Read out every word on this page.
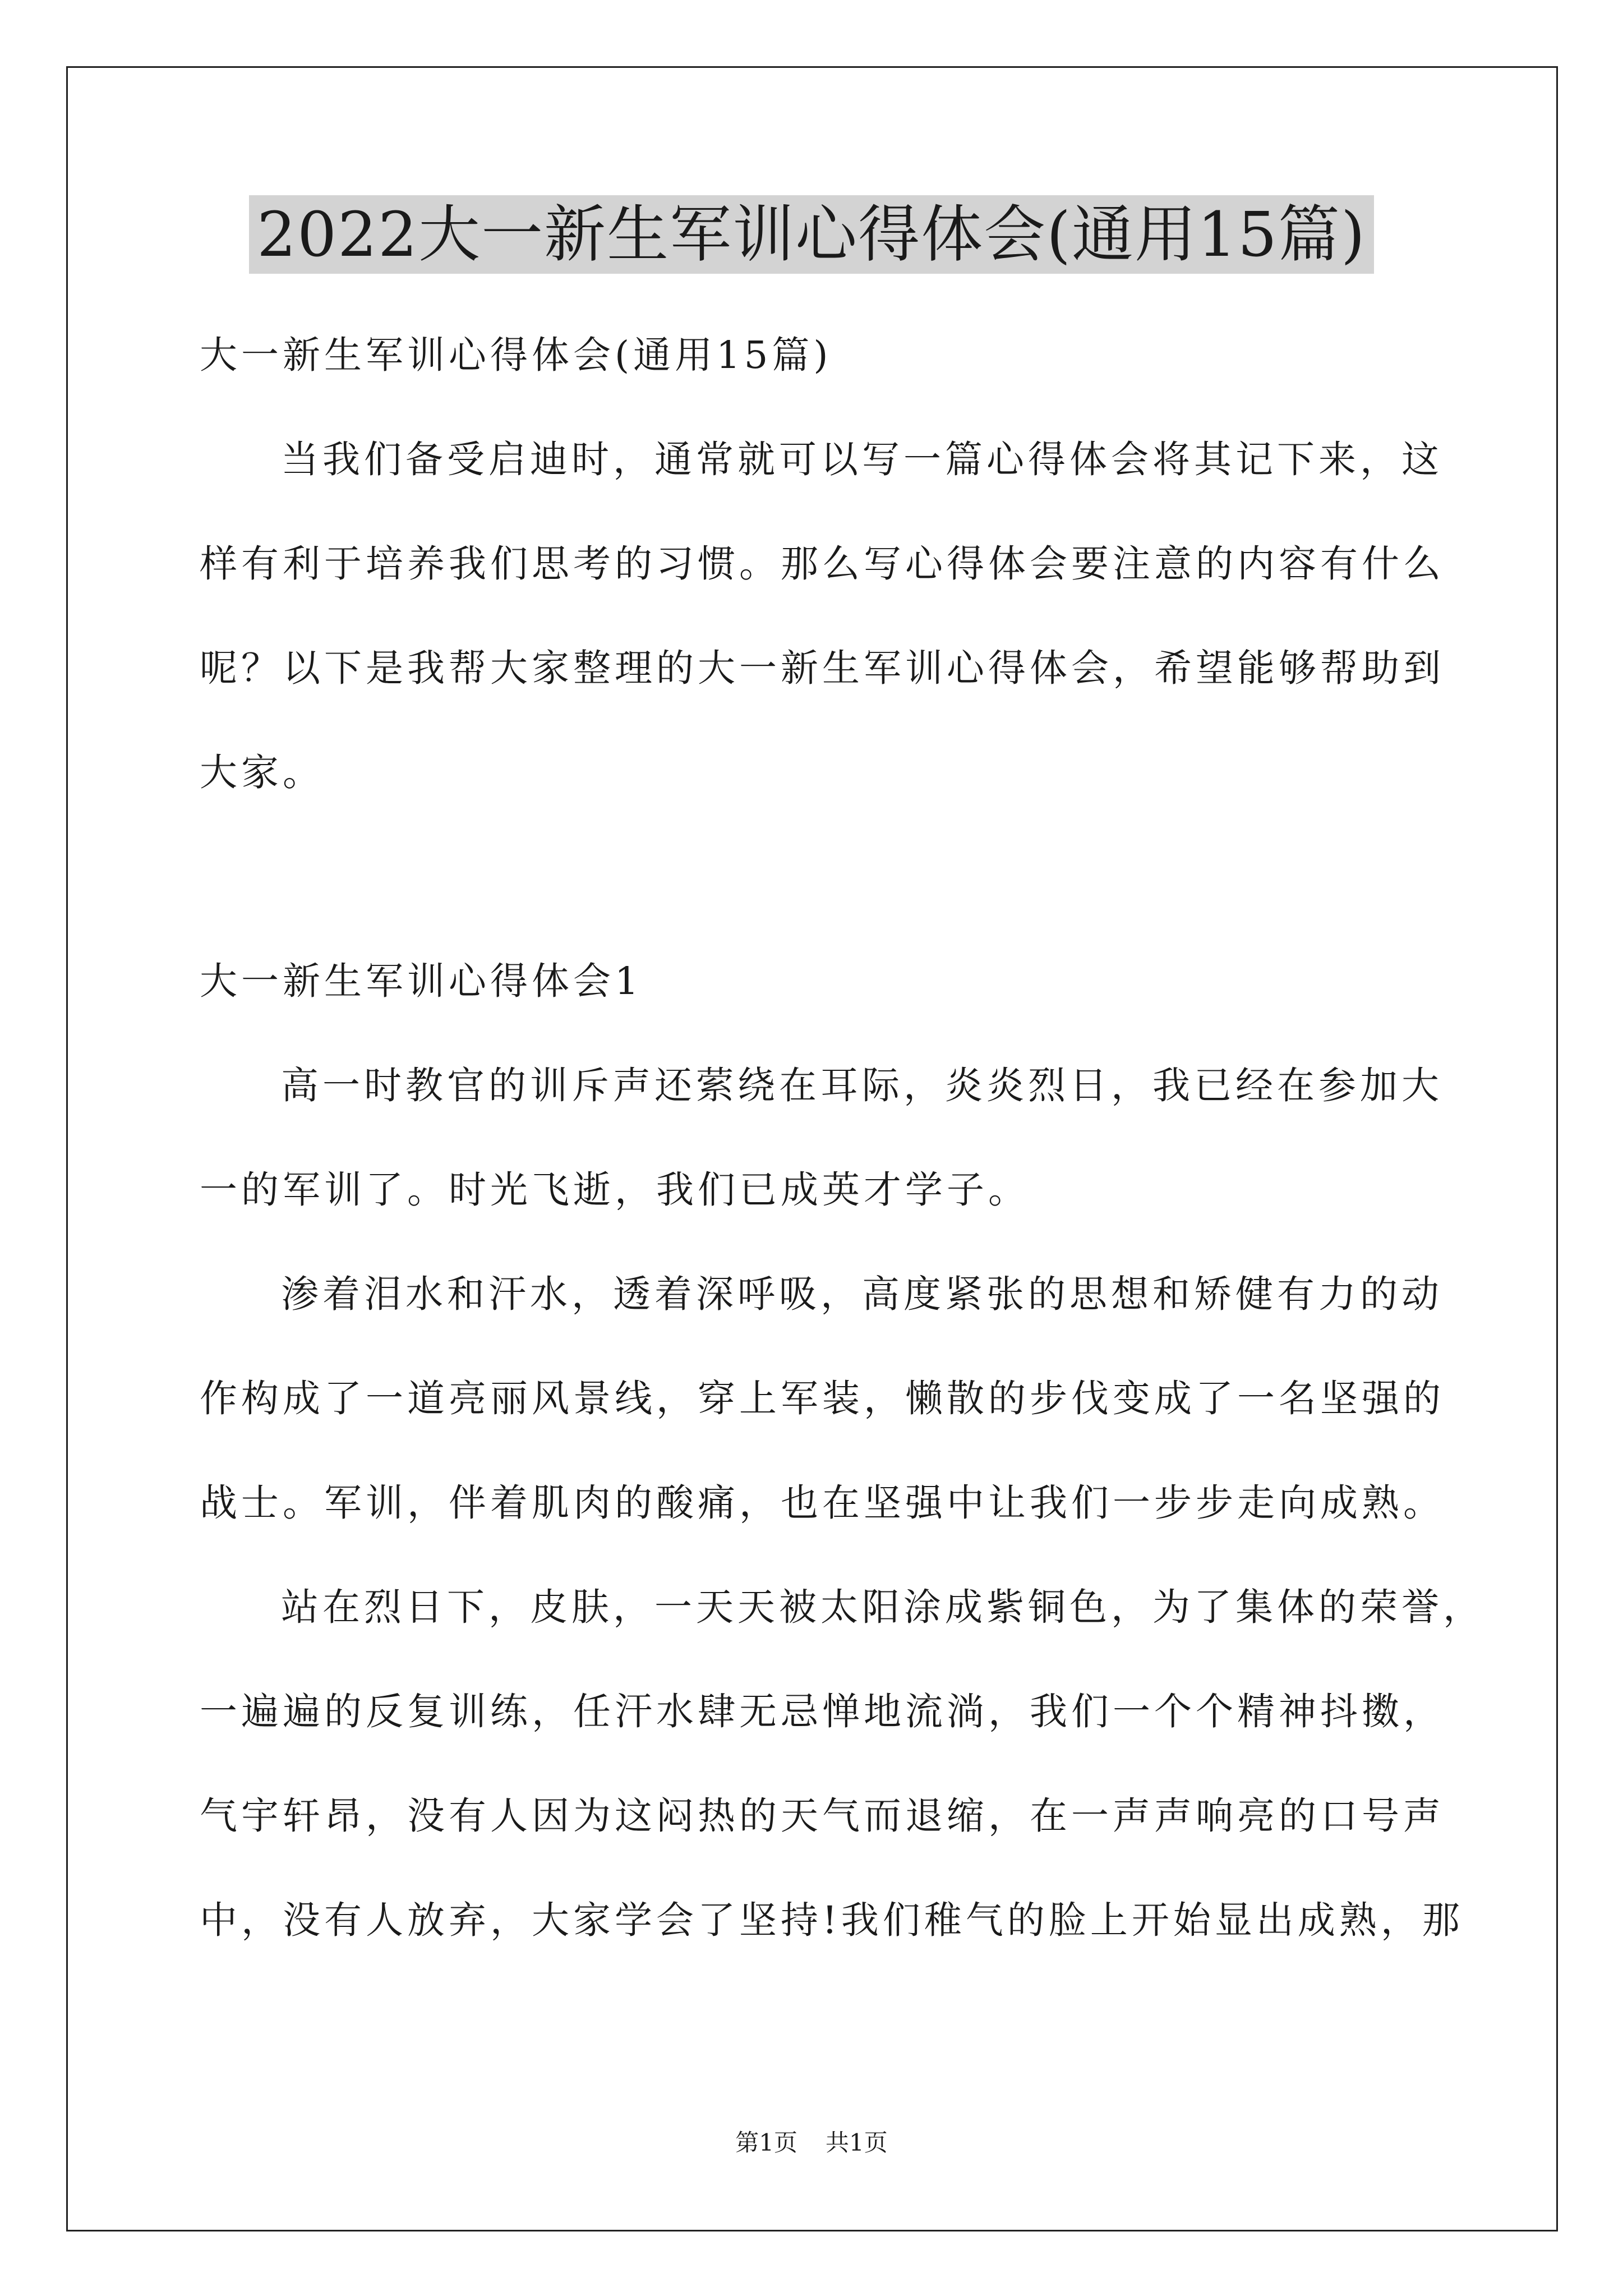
2022大一新生军训心得体会(通用15篇)
大一新生军训心得体会(通用15篇)
当我们备受启迪时，通常就可以写一篇心得体会将其记下来，这
样有利于培养我们思考的习惯。那么写心得体会要注意的内容有什么
呢？以下是我帮大家整理的大一新生军训心得体会，希望能够帮助到
大家。
大一新生军训心得体会1
高一时教官的训斥声还萦绕在耳际，炎炎烈日，我已经在参加大
一的军训了。时光飞逝，我们已成英才学子。
渗着泪水和汗水，透着深呼吸，高度紧张的思想和矫健有力的动
作构成了一道亮丽风景线，穿上军装，懒散的步伐变成了一名坚强的
战士。军训，伴着肌肉的酸痛，也在坚强中让我们一步步走向成熟。
站在烈日下，皮肤，一天天被太阳涂成紫铜色，为了集体的荣誉，
一遍遍的反复训练，任汗水肆无忌惮地流淌，我们一个个精神抖擞，
气宇轩昂，没有人因为这闷热的天气而退缩，在一声声响亮的口号声
中，没有人放弃，大家学会了坚持!我们稚气的脸上开始显出成熟，那
第1页 共1页
